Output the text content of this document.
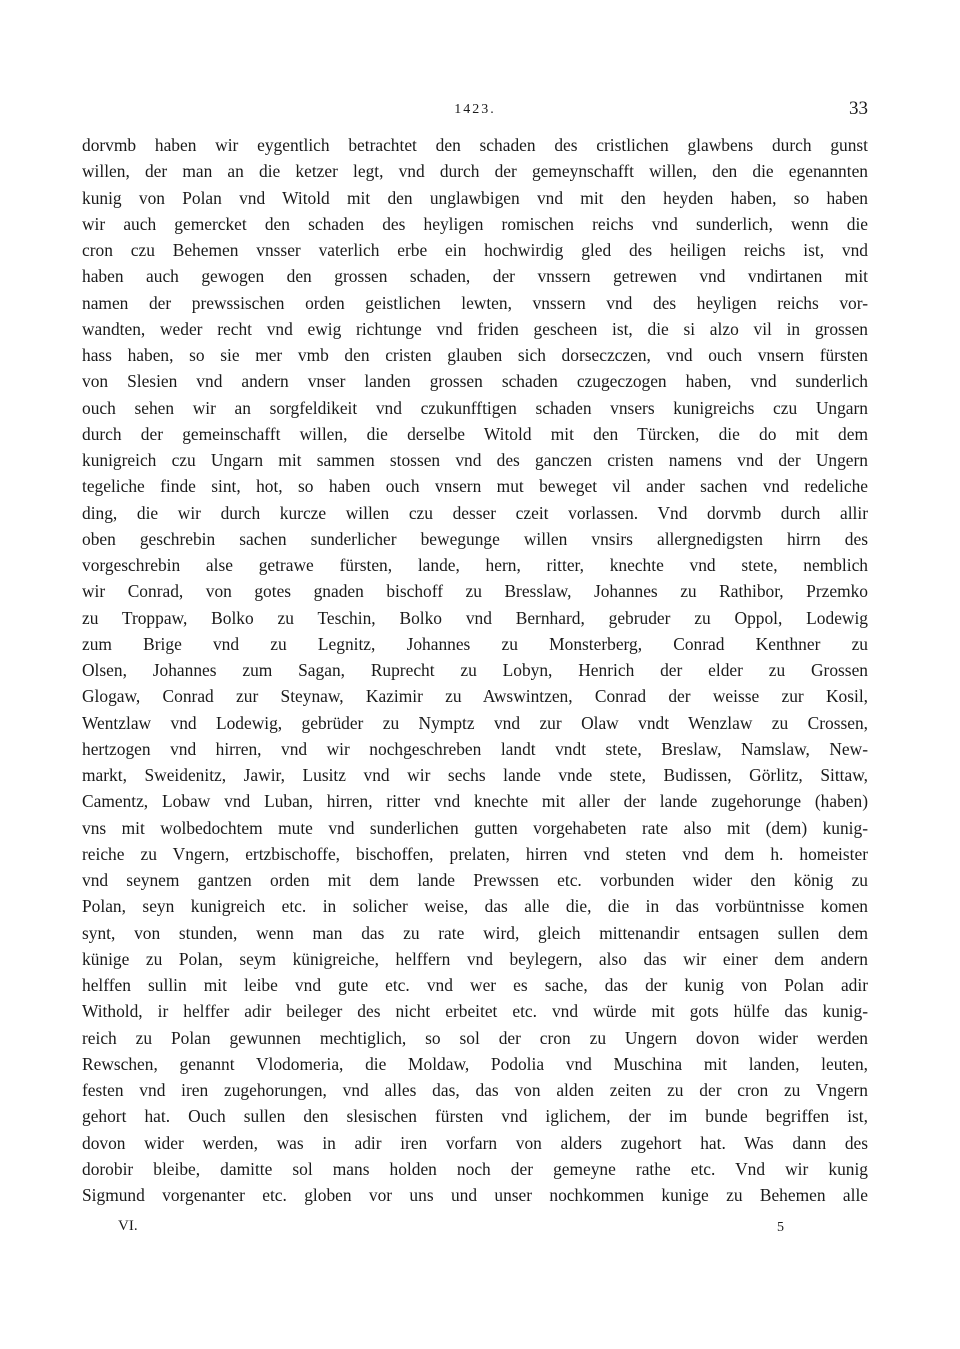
1423.	33
dorvmb haben wir eygentlich betrachtet den schaden des cristlichen glawbens durch gunst
willen, der man an die ketzer legt, vnd durch der gemeynschafft willen, den die egenannten
kunig von Polan vnd Witold mit den unglawbigen vnd mit den heyden haben, so haben
wir auch gemercket den schaden des heyligen romischen reichs vnd sunderlich, wenn die
cron czu Behemen vnsser vaterlich erbe ein hochwirdig gled des heiligen reichs ist, vnd
haben auch gewogen den grossen schaden, der vnssern getrewen vnd vndirtanen mit
namen der prewssischen orden geistlichen lewten, vnssern vnd des heyligen reichs vor-
wandten, weder recht vnd ewig richtunge vnd friden gescheen ist, die si alzo vil in grossen
hass haben, so sie mer vmb den cristen glauben sich dorseczczen, vnd ouch vnsern fürsten
von Slesien vnd andern vnser landen grossen schaden czugeczogen haben, vnd sunderlich
ouch sehen wir an sorgfeldikeit vnd czukunfftigen schaden vnsers kunigreichs czu Ungarn
durch der gemeinschafft willen, die derselbe Witold mit den Türcken, die do mit dem
kunigreich czu Ungarn mit sammen stossen vnd des ganczen cristen namens vnd der Ungern
tegeliche finde sint, hot, so haben ouch vnsern mut beweget vil ander sachen vnd redeliche
ding, die wir durch kurcze willen czu desser czeit vorlassen. Vnd dorvmb durch allir
oben geschrebin sachen sunderlicher bewegunge willen vnsirs allergnedigsten hirrn des
vorgeschrebin alse getrawe fürsten, lande, hern, ritter, knechte vnd stete, nemblich
wir Conrad, von gotes gnaden bischoff zu Bresslaw, Johannes zu Rathibor, Przemko
zu Troppaw, Bolko zu Teschin, Bolko vnd Bernhard, gebruder zu Oppol, Lodewig
zum Brige vnd zu Legnitz, Johannes zu Monsterberg, Conrad Kenthner zu
Olsen, Johannes zum Sagan, Ruprecht zu Lobyn, Henrich der elder zu Grossen
Glogaw, Conrad zur Steynaw, Kazimir zu Awswintzen, Conrad der weisse zur Kosil,
Wentzlaw vnd Lodewig, gebrüder zu Nymptz vnd zur Olaw vndt Wenzlaw zu Crossen,
hertzogen vnd hirren, vnd wir nochgeschreben landt vndt stete, Breslaw, Namslaw, New-
markt, Sweidenitz, Jawir, Lusitz vnd wir sechs lande vnde stete, Budissen, Görlitz, Sittaw,
Camentz, Lobaw vnd Luban, hirren, ritter vnd knechte mit aller der lande zugehorunge (haben)
vns mit wolbedochtem mute vnd sunderlichen gutten vorgehabeten rate also mit (dem) kunig-
reiche zu Vngern, ertzbischoffe, bischoffen, prelaten, hirren vnd steten vnd dem h. homeister
vnd seynem gantzen orden mit dem lande Prewssen etc. vorbunden wider den könig zu
Polan, seyn kunigreich etc. in solicher weise, das alle die, die in das vorbüntnisse komen
synt, von stunden, wenn man das zu rate wird, gleich mittenandir entsagen sullen dem
künige zu Polan, seym künigreiche, helffern vnd beylegern, also das wir einer dem andern
helffen sullin mit leibe vnd gute etc. vnd wer es sache, das der kunig von Polan adir
Withold, ir helffer adir beileger des nicht erbeitet etc. vnd würde mit gots hülfe das kunig-
reich zu Polan gewunnen mechtiglich, so sol der cron zu Ungern dovon wider werden
Rewschen, genannt Vlodomeria, die Moldaw, Podolia vnd Muschina mit landen, leuten,
festen vnd iren zugehorungen, vnd alles das, das von alden zeiten zu der cron zu Vngern
gehort hat. Ouch sullen den slesischen fürsten vnd iglichem, der im bunde begriffen ist,
dovon wider werden, was in adir iren vorfarn von alders zugehort hat. Was dann des
dorobir bleibe, damitte sol mans holden noch der gemeyne rathe etc. Vnd wir kunig
Sigmund vorgenanter etc. globen vor uns und unser nochkommen kunige zu Behemen alle
VI.	5
